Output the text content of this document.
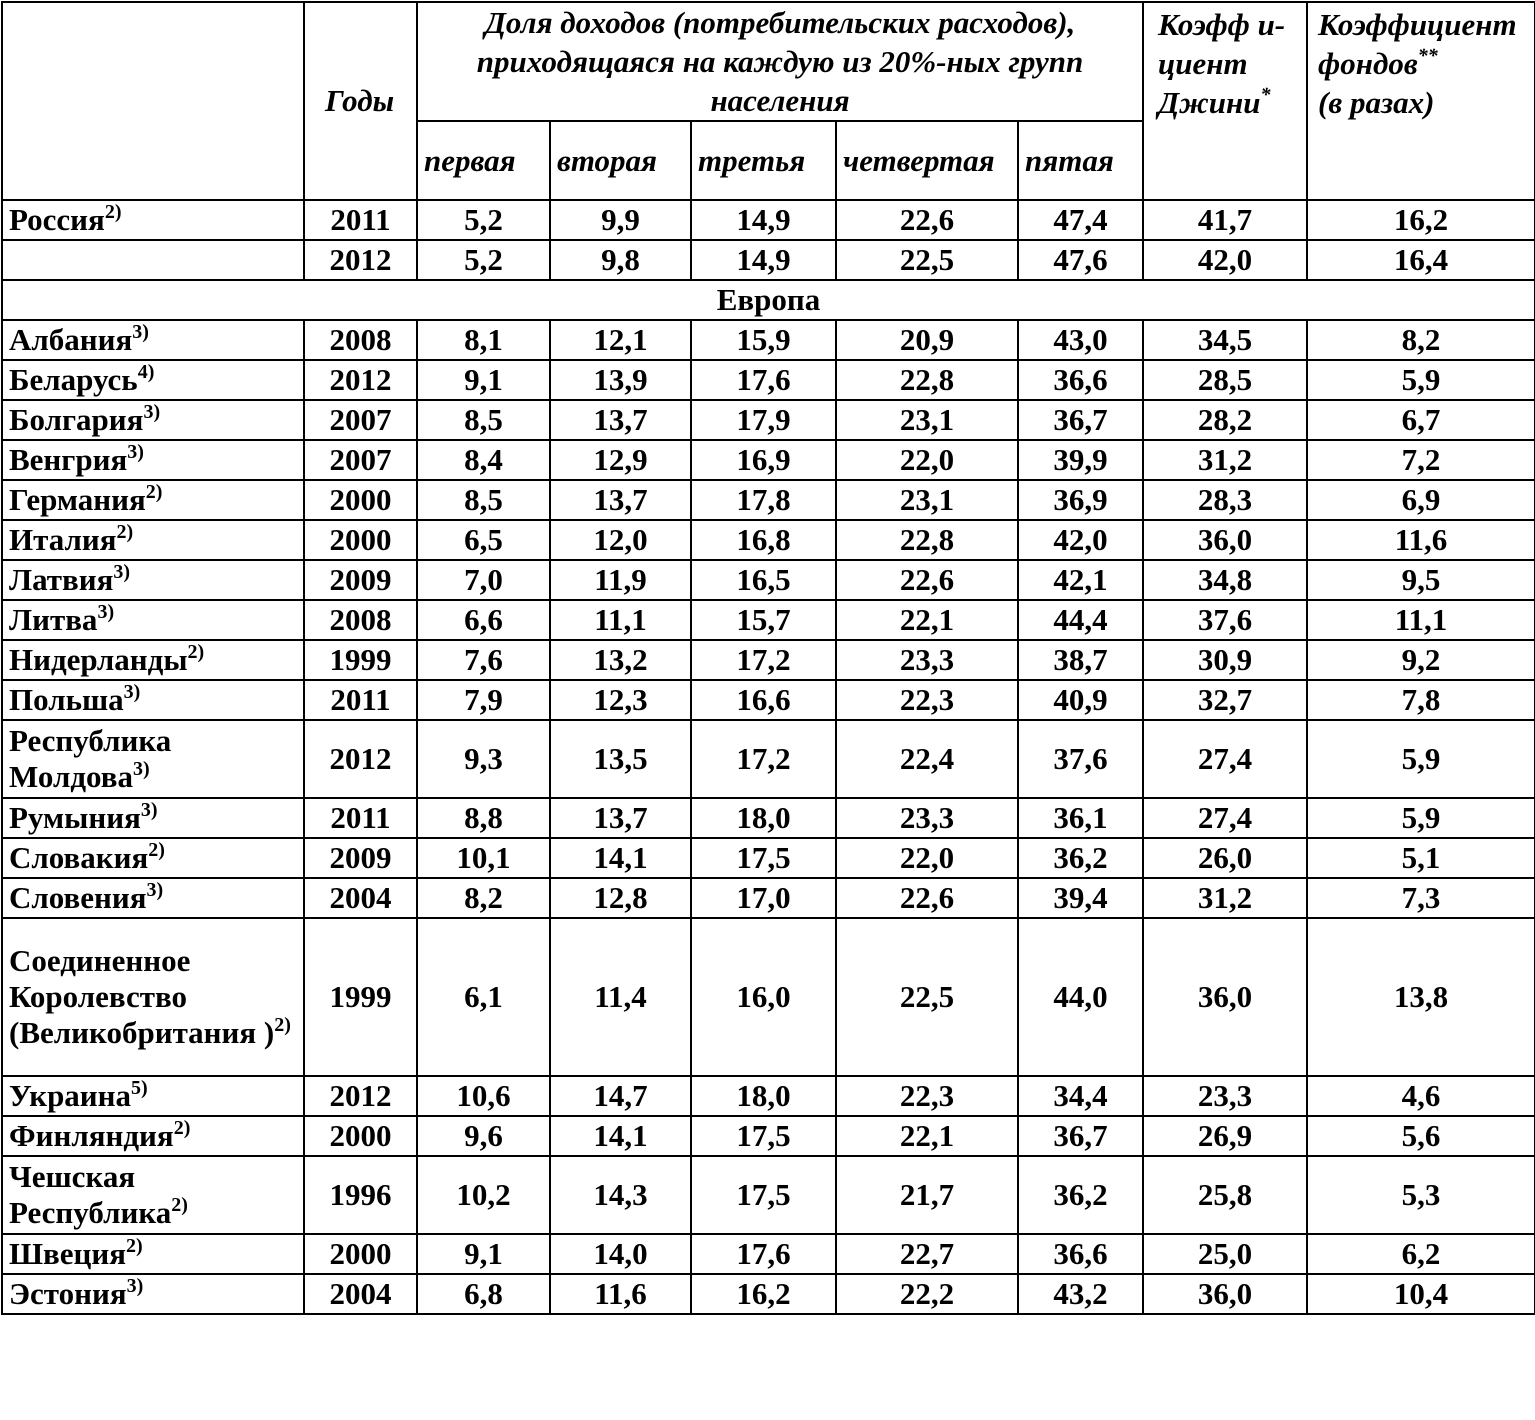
	Годы	Доля доходов (потребительских расходов), приходящаяся на каждую из 20%-ных групп населения					Коэфф и-циент Джини*	Коэффициент фондов**
(в разах)

		первая	вторая	третья	четвертая	пятая		
Россия$^{2)}$	2011	5,2	9,9	14,9	22,6	47,4	41,7	16,2
	2012	5,2	9,8	14,9	22,5	47,6	42,0	16,4
Европа								
Албания$^{3)}$	2008	8,1	12,1	15,9	20,9	43,0	34,5	8,2
Беларусь$^{4)}$	2012	9,1	13,9	17,6	22,8	36,6	28,5	5,9
Болгария$^{3)}$	2007	8,5	13,7	17,9	23,1	36,7	28,2	6,7
Венгрия$^{3)}$	2007	8,4	12,9	16,9	22,0	39,9	31,2	7,2
Германия$^{2)}$	2000	8,5	13,7	17,8	23,1	36,9	28,3	6,9
Италия$^{2)}$	2000	6,5	12,0	16,8	22,8	42,0	36,0	11,6
Латвия$^{3)}$	2009	7,0	11,9	16,5	22,6	42,1	34,8	9,5
Литва$^{3)}$	2008	6,6	11,1	15,7	22,1	44,4	37,6	11,1
Нидерланды$^{2)}$	1999	7,6	13,2	17,2	23,3	38,7	30,9	9,2
Польша$^{3)}$	2011	7,9	12,3	16,6	22,3	40,9	32,7	7,8
Республика Молдова$^{3)}$	2012	9,3	13,5	17,2	22,4	37,6	27,4	5,9
Румыния$^{3)}$	2011	8,8	13,7	18,0	23,3	36,1	27,4	5,9
Словакия$^{2)}$	2009	10,1	14,1	17,5	22,0	36,2	26,0	5,1
Словения$^{3)}$	2004	8,2	12,8	17,0	22,6	39,4	31,2	7,3
Соединенное Королевство (Великобритания )$^{2)}$	1999	6,1	11,4	16,0	22,5	44,0	36,0	13,8
Украина$^{5)}$	2012	10,6	14,7	18,0	22,3	34,4	23,3	4,6
Финляндия$^{2)}$	2000	9,6	14,1	17,5	22,1	36,7	26,9	5,6
Чешская Республика$^{2)}$	1996	10,2	14,3	17,5	21,7	36,2	25,8	5,3
Швеция$^{2)}$	2000	9,1	14,0	17,6	22,7	36,6	25,0	6,2
Эстония$^{3)}$	2004	6,8	11,6	16,2	22,2	43,2	36,0	10,4
